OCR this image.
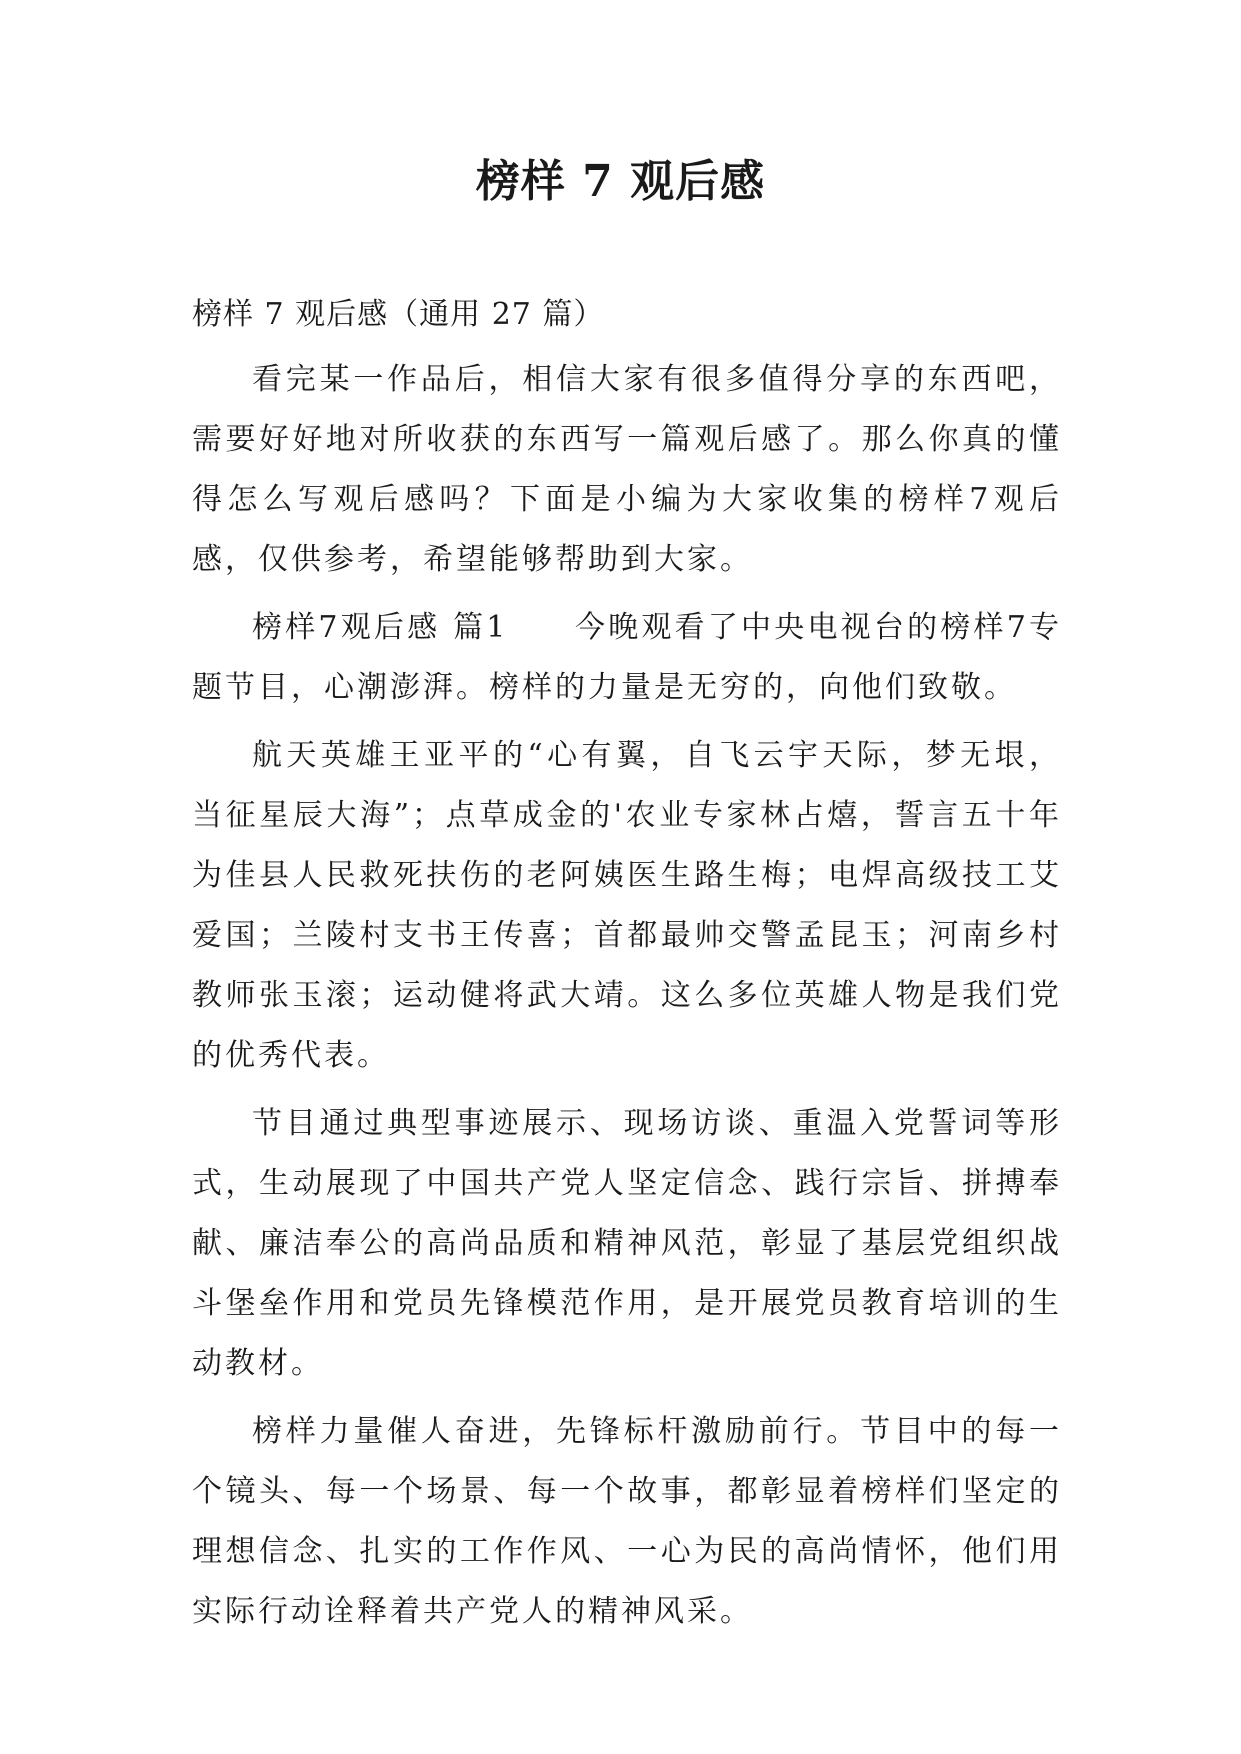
榜样 7 观后感

榜样 7 观后感（通用 27 篇）

看完某一作品后，相信大家有很多值得分享的东西吧，需要好好地对所收获的东西写一篇观后感了。那么你真的懂得怎么写观后感吗？下面是小编为大家收集的榜样7观后感，仅供参考，希望能够帮助到大家。

榜样7观后感 篇1　　今晚观看了中央电视台的榜样7专题节目，心潮澎湃。榜样的力量是无穷的，向他们致敬。

航天英雄王亚平的“心有翼，自飞云宇天际，梦无垠，当征星辰大海”；点草成金的'农业专家林占熺，誓言五十年为佳县人民救死扶伤的老阿姨医生路生梅；电焊高级技工艾爱国；兰陵村支书王传喜；首都最帅交警孟昆玉；河南乡村教师张玉滚；运动健将武大靖。这么多位英雄人物是我们党的优秀代表。

节目通过典型事迹展示、现场访谈、重温入党誓词等形式，生动展现了中国共产党人坚定信念、践行宗旨、拼搏奉献、廉洁奉公的高尚品质和精神风范，彰显了基层党组织战斗堡垒作用和党员先锋模范作用，是开展党员教育培训的生动教材。

榜样力量催人奋进，先锋标杆激励前行。节目中的每一个镜头、每一个场景、每一个故事，都彰显着榜样们坚定的理想信念、扎实的工作作风、一心为民的高尚情怀，他们用实际行动诠释着共产党人的精神风采。
